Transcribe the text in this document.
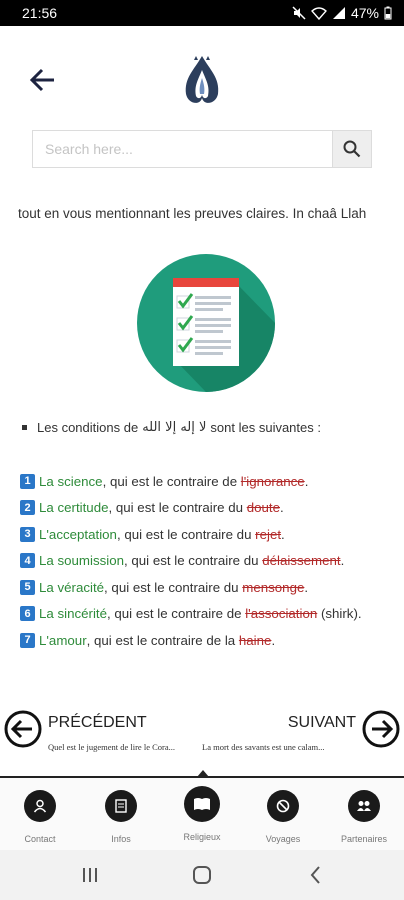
21:56	47%
Search here...
tout en vous mentionnant les preuves claires. In chaâ Llah
Les conditions de لا إله إلا الله sont les suivantes :
1 La science , qui est le contraire de l'ignorance .
2 La certitude , qui est le contraire du doute .
3 L'acceptation , qui est le contraire du rejet .
4 La soumission , qui est le contraire du délaissement .
5 La véracité , qui est le contraire du mensonge .
6 La sincérité , qui est le contraire de l'association (shirk).
7 L'amour , qui est le contraire de la haine .
PRÉCÉDENT
Quel est le jugement de lire le Cora...
SUIVANT
La mort des savants est une calam...
Contact	Infos	Religieux	Voyages	Partenaires
